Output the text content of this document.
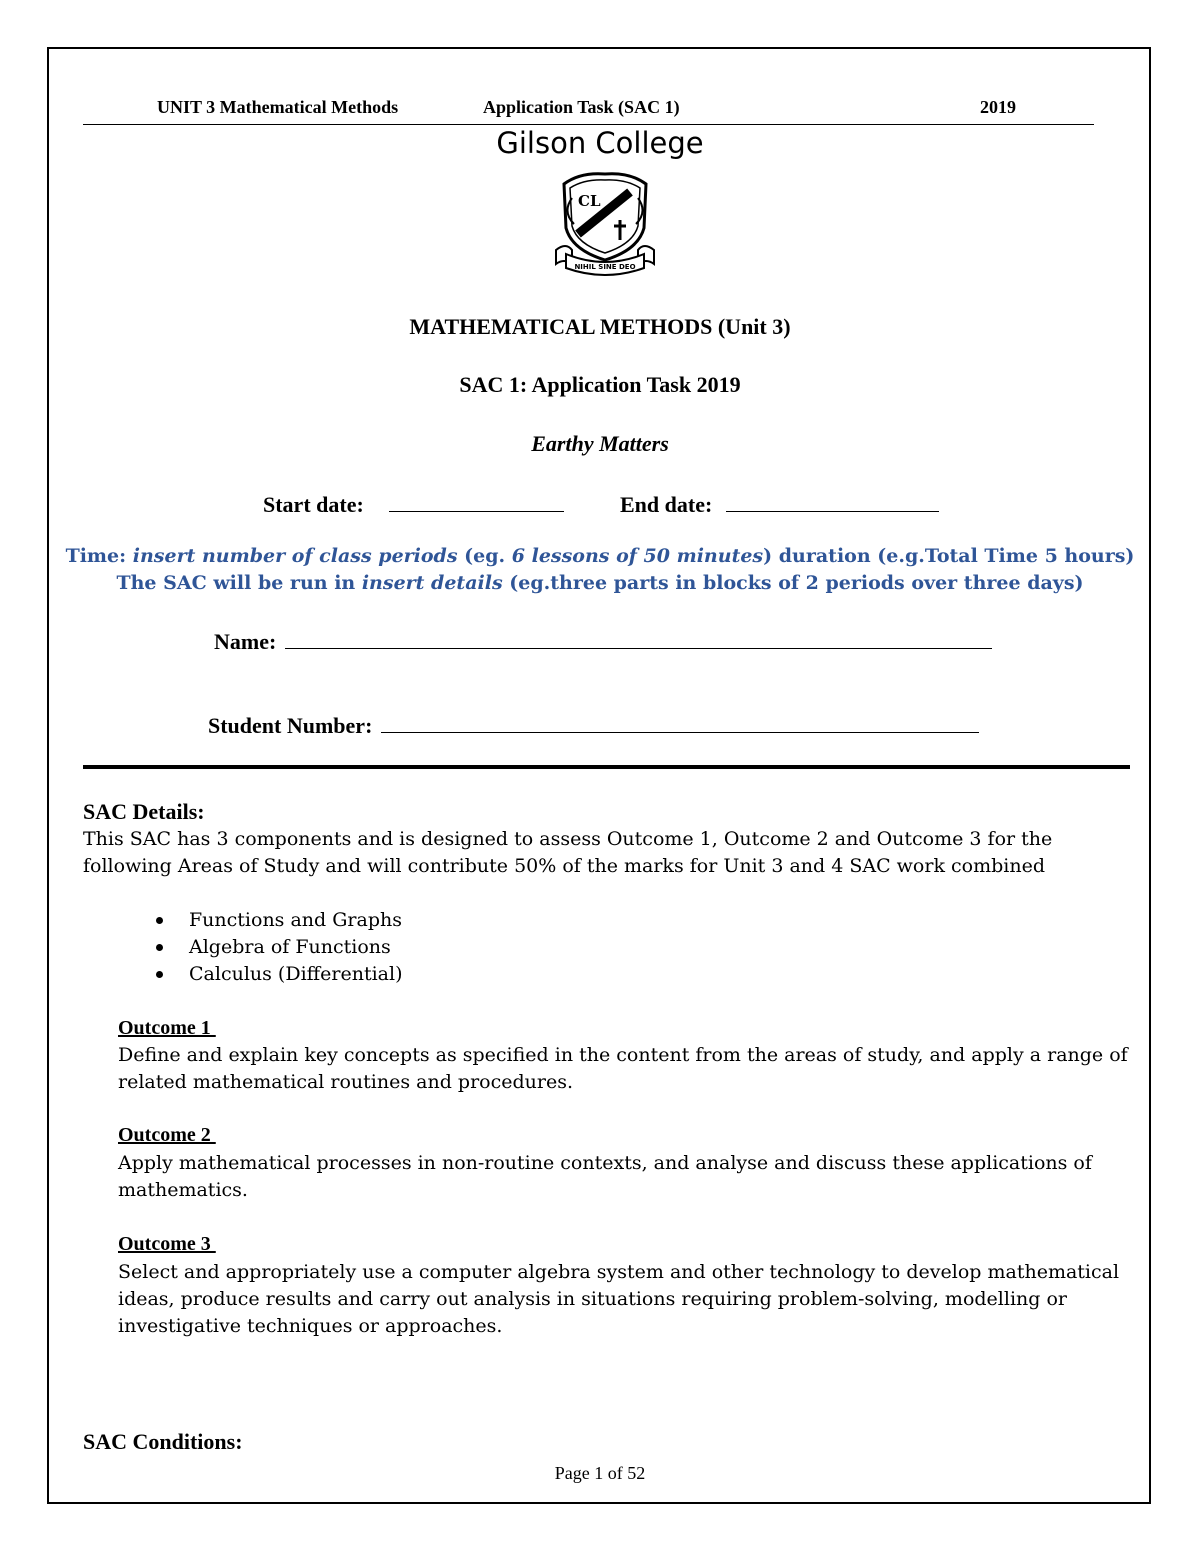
UNIT 3 Mathematical Methods	Application Task (SAC 1)	2019
Gilson College
CL
NIHIL SINE DEO
MATHEMATICAL METHODS (Unit 3)
SAC 1: Application Task 2019
Earthy Matters
Start date:	End date:
Time: insert number of class periods (eg. 6 lessons of 50 minutes) duration (e.g.Total Time 5 hours)
The SAC will be run in insert details (eg.three parts in blocks of 2 periods over three days)
Name:
Student Number:
SAC Details:
This SAC has 3 components and is designed to assess Outcome 1, Outcome 2 and Outcome 3 for the
following Areas of Study and will contribute 50% of the marks for Unit 3 and 4 SAC work combined
Functions and Graphs
Algebra of Functions
Calculus (Differential)
Outcome 1
Define and explain key concepts as specified in the content from the areas of study, and apply a range of
related mathematical routines and procedures.
Outcome 2
Apply mathematical processes in non-routine contexts, and analyse and discuss these applications of
mathematics.
Outcome 3
Select and appropriately use a computer algebra system and other technology to develop mathematical
ideas, produce results and carry out analysis in situations requiring problem-solving, modelling or
investigative techniques or approaches.
SAC Conditions:
Page 1 of 52
